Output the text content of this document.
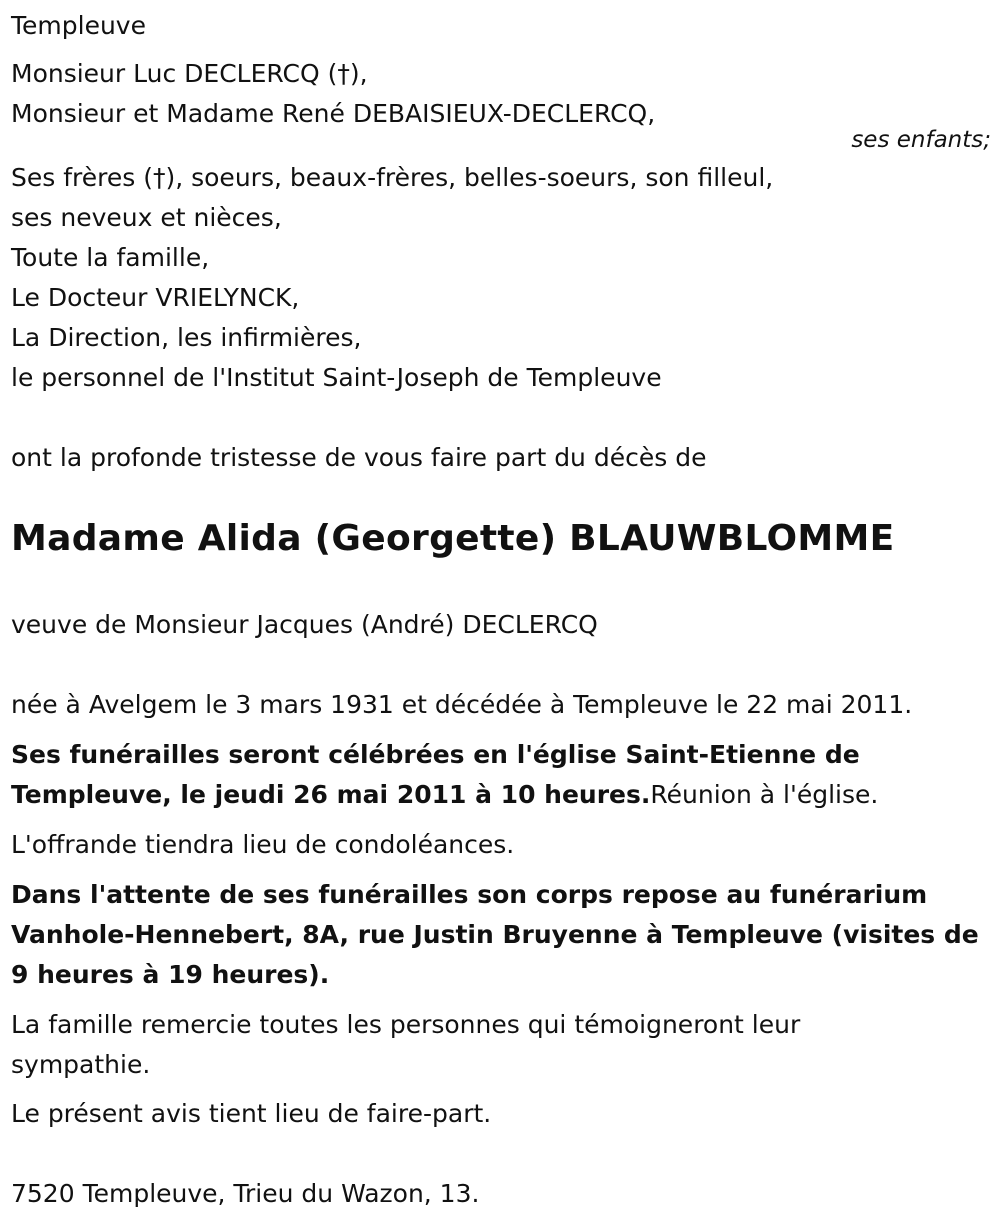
Templeuve
Monsieur Luc DECLERCQ (†),
Monsieur et Madame René DEBAISIEUX-DECLERCQ,
ses enfants;
Ses frères (†), soeurs, beaux-frères, belles-soeurs, son filleul,
ses neveux et nièces,
Toute la famille,
Le Docteur VRIELYNCK,
La Direction, les infirmières,
le personnel de l'Institut Saint-Joseph de Templeuve
ont la profonde tristesse de vous faire part du décès de
Madame Alida (Georgette) BLAUWBLOMME
veuve de Monsieur Jacques (André) DECLERCQ
née à Avelgem le 3 mars 1931 et décédée à Templeuve le 22 mai 2011.
Ses funérailles seront célébrées en l'église Saint-Etienne de Templeuve, le jeudi 26 mai 2011 à 10 heures.Réunion à l'église.
L'offrande tiendra lieu de condoléances.
Dans l'attente de ses funérailles son corps repose au funérarium Vanhole-Hennebert, 8A, rue Justin Bruyenne à Templeuve (visites de 9 heures à 19 heures).
La famille remercie toutes les personnes qui témoigneront leur sympathie.
Le présent avis tient lieu de faire-part.
7520 Templeuve, Trieu du Wazon, 13.
